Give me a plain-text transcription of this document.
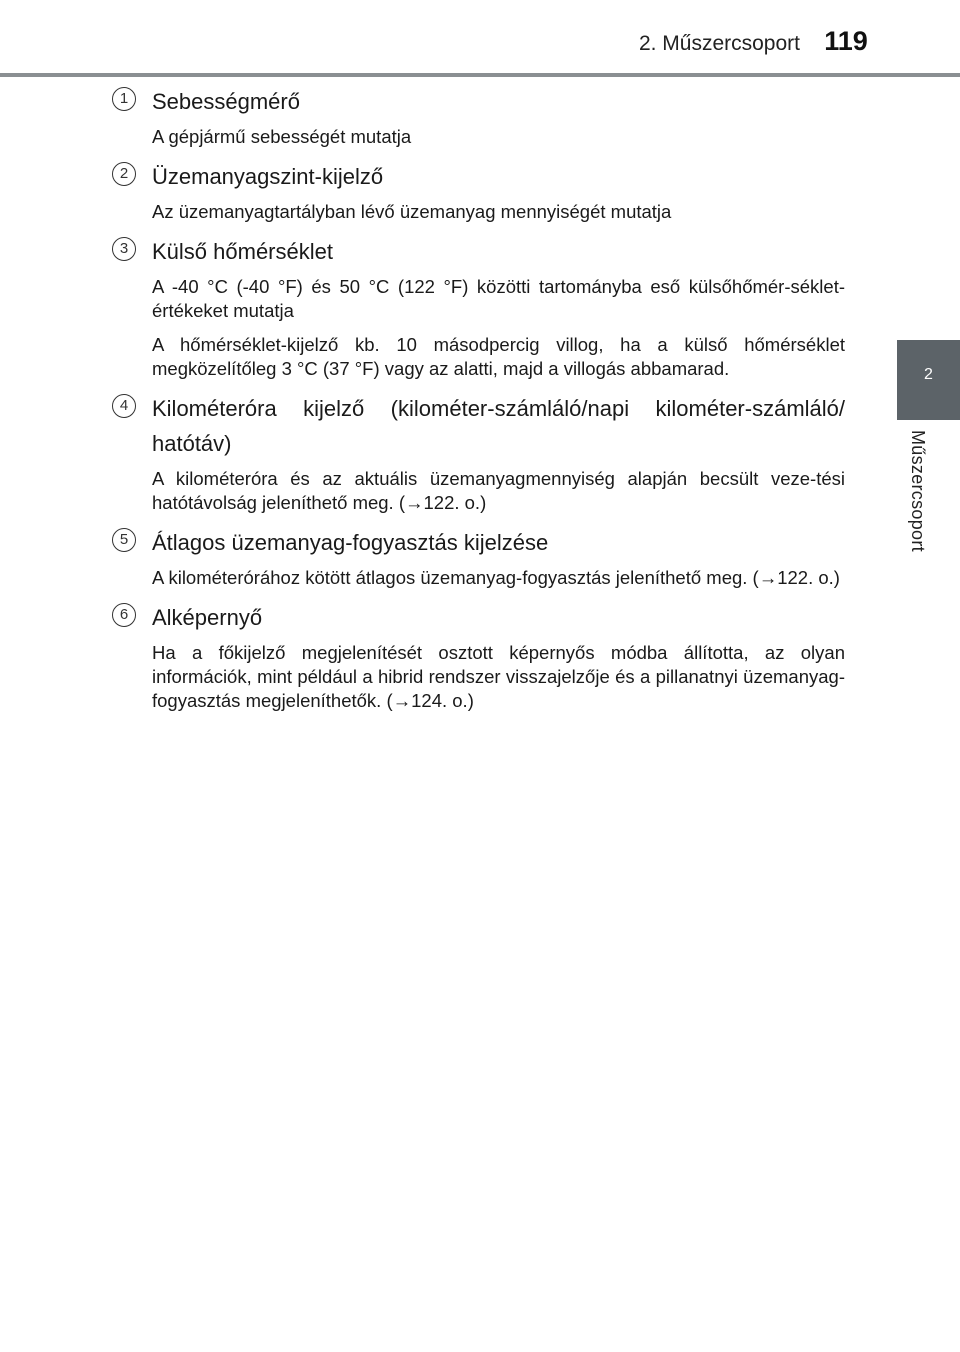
2. Műszercsoport 119
2
Műszercsoport
1	Sebességmérő
A gépjármű sebességét mutatja
2	Üzemanyagszint-kijelző
Az üzemanyagtartályban lévő üzemanyag mennyiségét mutatja
3	Külső hőmérséklet
A -40 °C (-40 °F) és 50 °C (122 °F) közötti tartományba eső külsőhőmér-séklet-értékeket mutatja
A hőmérséklet-kijelző kb. 10 másodpercig villog, ha a külső hőmérséklet megközelítőleg 3 °C (37 °F) vagy az alatti, majd a villogás abbamarad.
4	Kilométeróra kijelző (kilométer-számláló/napi kilométer-számláló/ hatótáv)
A kilométeróra és az aktuális üzemanyagmennyiség alapján becsült veze-tési hatótávolság jeleníthető meg. (→122. o.)
5	Átlagos üzemanyag-fogyasztás kijelzése
A kilométerórához kötött átlagos üzemanyag-fogyasztás jeleníthető meg. (→122. o.)
6	Alképernyő
Ha a főkijelző megjelenítését osztott képernyős módba állította, az olyan információk, mint például a hibrid rendszer visszajelzője és a pillanatnyi üzemanyag-fogyasztás megjeleníthetők. (→124. o.)
